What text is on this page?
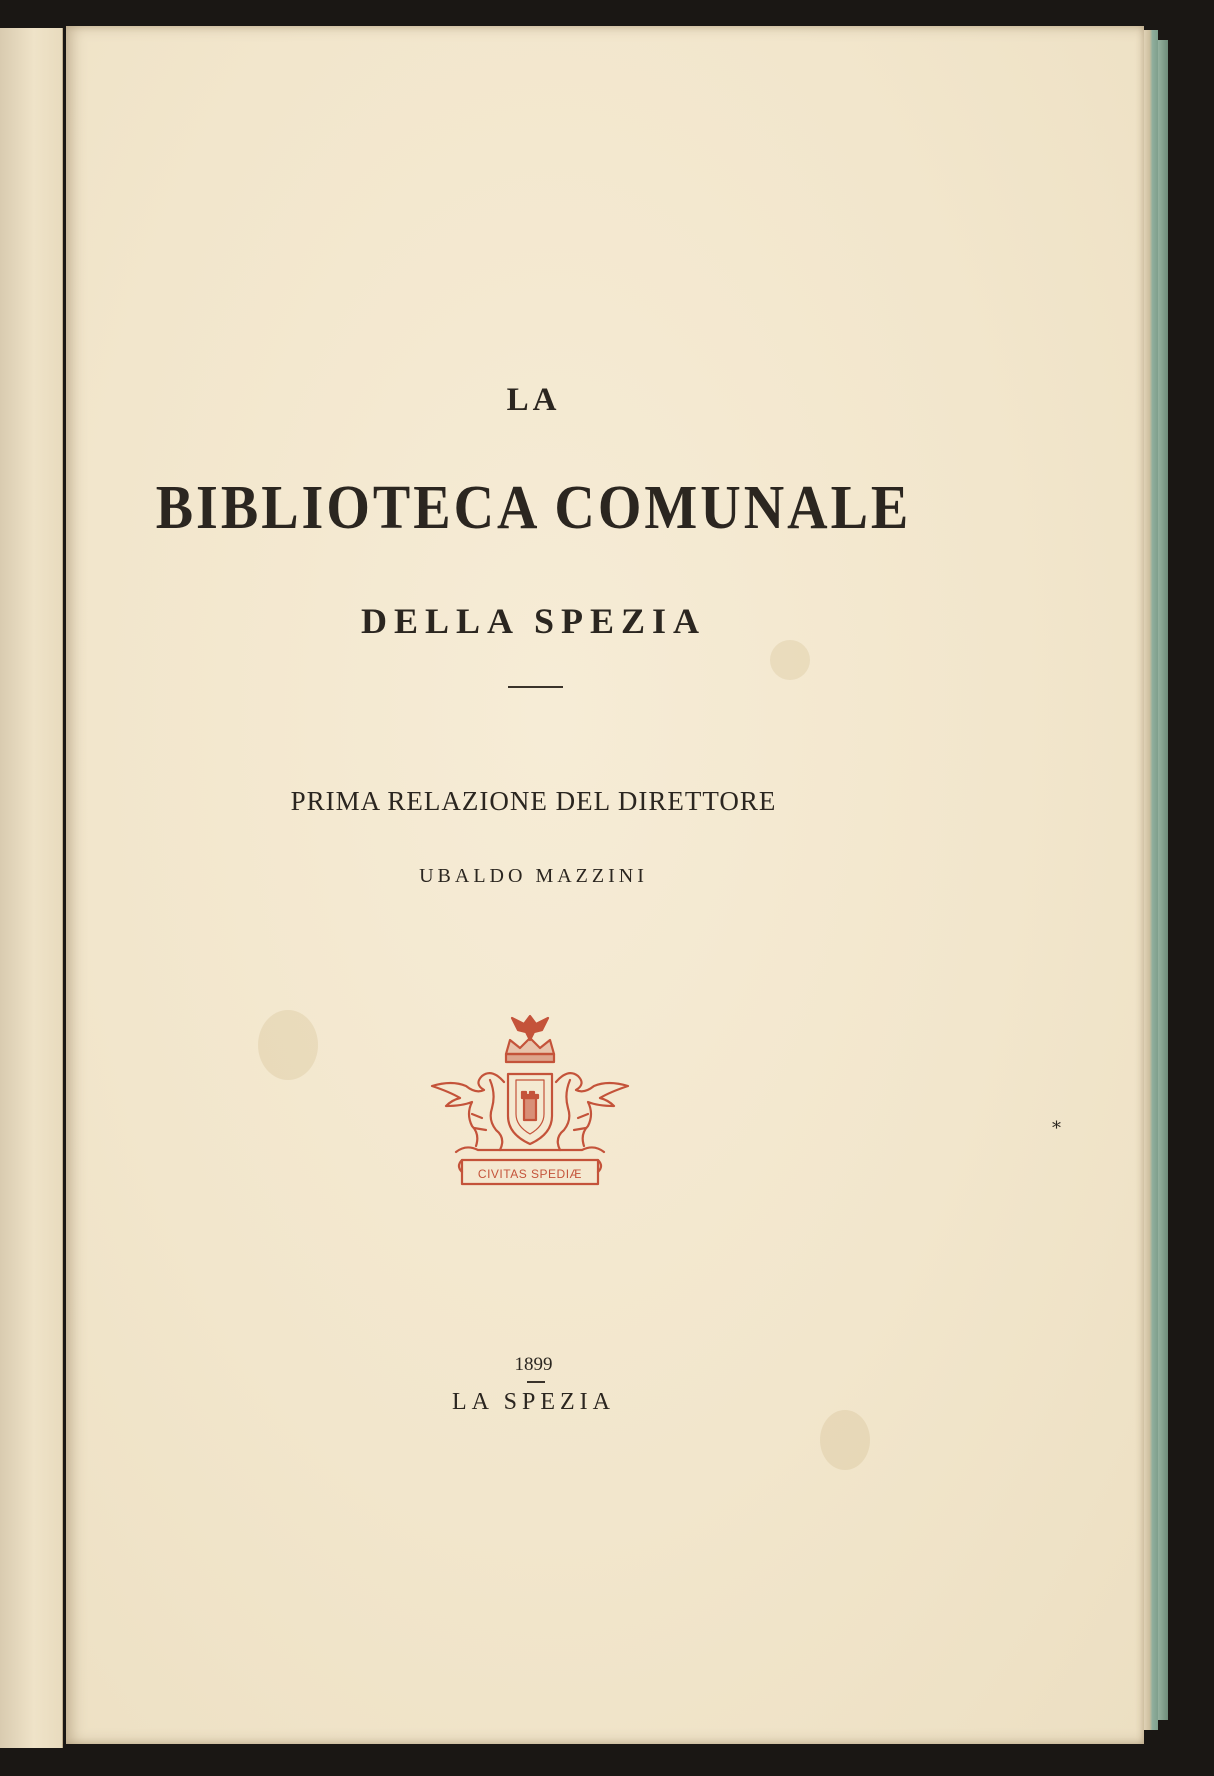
LA
BIBLIOTECA COMUNALE
DELLA SPEZIA
PRIMA RELAZIONE DEL DIRETTORE
UBALDO MAZZINI
CIVITAS SPEDIÆ
1899
LA SPEZIA
*
